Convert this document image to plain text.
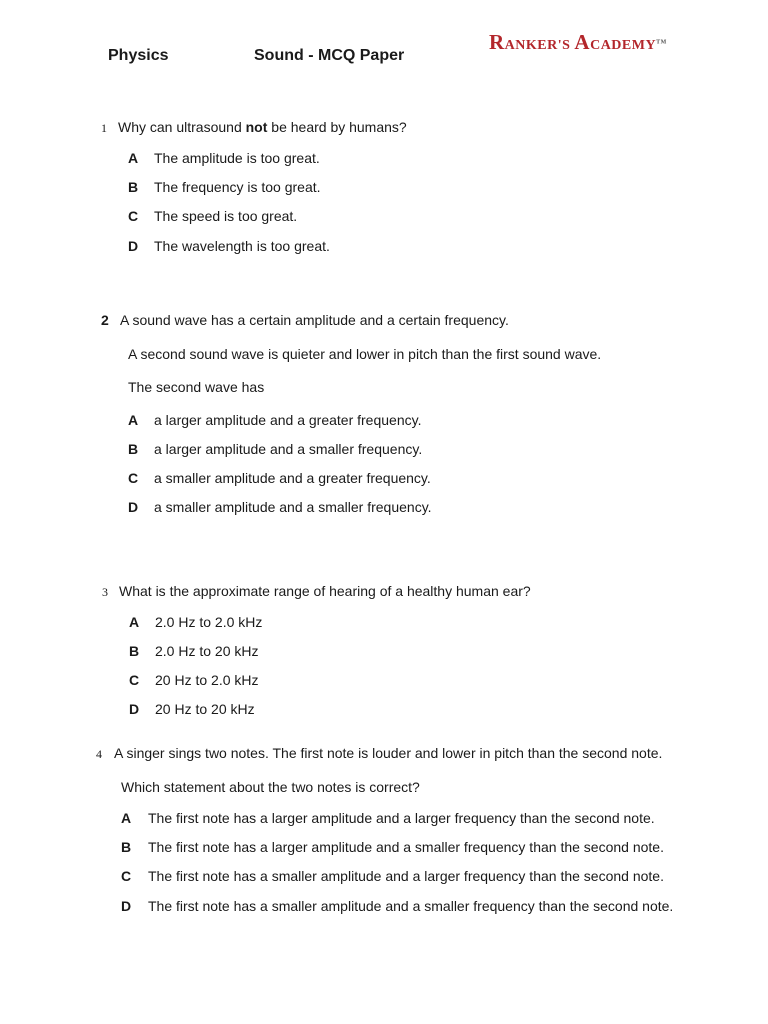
Physics	Sound - MCQ Paper
RANKER'S ACADEMY™
1 Why can ultrasound not be heard by humans?
A The amplitude is too great.
B The frequency is too great.
C The speed is too great.
D The wavelength is too great.
2 A sound wave has a certain amplitude and a certain frequency.
A second sound wave is quieter and lower in pitch than the first sound wave.
The second wave has
A a larger amplitude and a greater frequency.
B a larger amplitude and a smaller frequency.
C a smaller amplitude and a greater frequency.
D a smaller amplitude and a smaller frequency.
3 What is the approximate range of hearing of a healthy human ear?
A 2.0 Hz to 2.0 kHz
B 2.0 Hz to 20 kHz
C 20 Hz to 2.0 kHz
D 20 Hz to 20 kHz
4 A singer sings two notes. The first note is louder and lower in pitch than the second note.
Which statement about the two notes is correct?
A The first note has a larger amplitude and a larger frequency than the second note.
B The first note has a larger amplitude and a smaller frequency than the second note.
C The first note has a smaller amplitude and a larger frequency than the second note.
D The first note has a smaller amplitude and a smaller frequency than the second note.
